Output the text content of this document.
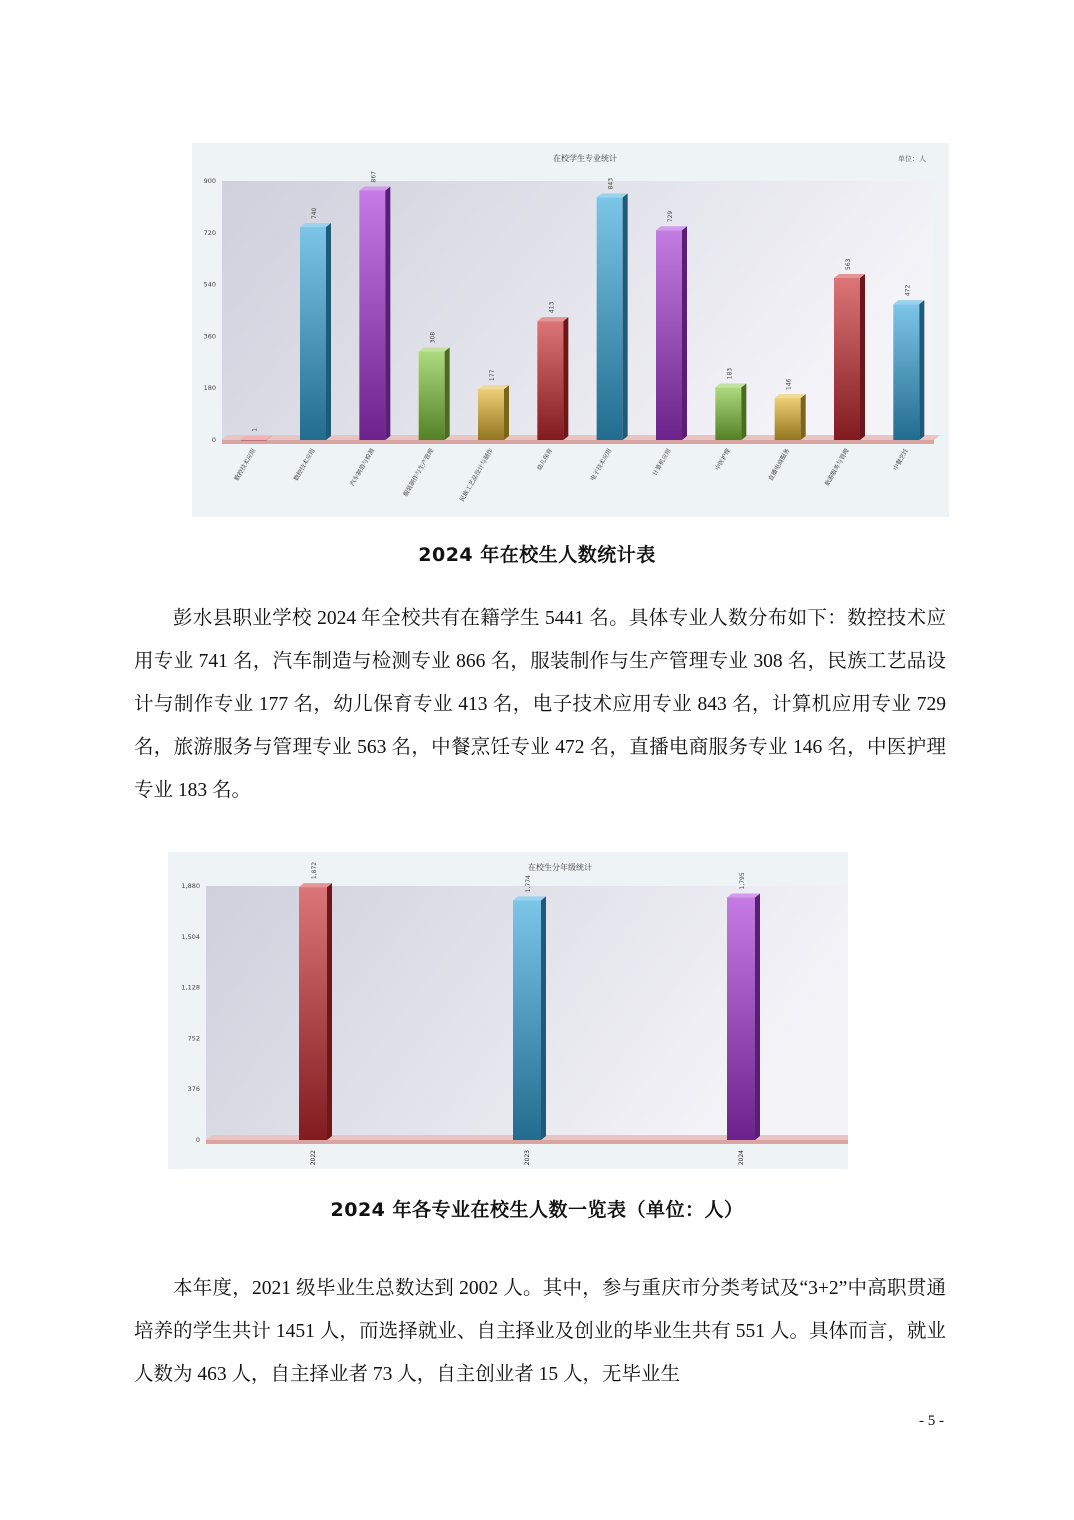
在校学生专业统计	单位：人
0
180
360
540
720
900
1
数控技术应用
740
数控技术应用
867
汽车制造与检测
308
服装制作与生产管理
177
民族工艺品设计与制作
413
幼儿保育
843
电子技术应用
729
计算机应用
183
中医护理
146
直播电商服务
563
旅游服务与管理
472
中餐烹饪
2024 年在校生人数统计表

彭水县职业学校 2024 年全校共有在籍学生 5441 名。具体专业人数分布如下：数控技术应用专业 741 名，汽车制造与检测专业 866 名，服装制作与生产管理专业 308 名，民族工艺品设计与制作专业 177 名，幼儿保育专业 413 名，电子技术应用专业 843 名，计算机应用专业 729 名，旅游服务与管理专业 563 名，中餐烹饪专业 472 名，直播电商服务专业 146 名，中医护理专业 183 名。

在校生分年级统计
0
376
752
1,128
1,504
1,880
1,872
2022
1,774
2023
1,795
2024
2024 年各专业在校生人数一览表（单位：人）

本年度，2021 级毕业生总数达到 2002 人。其中，参与重庆市分类考试及“3+2”中高职贯通培养的学生共计 1451 人，而选择就业、自主择业及创业的毕业生共有 551 人。具体而言，就业人数为 463 人，自主择业者 73 人，自主创业者 15 人，无毕业生

- 5 -
